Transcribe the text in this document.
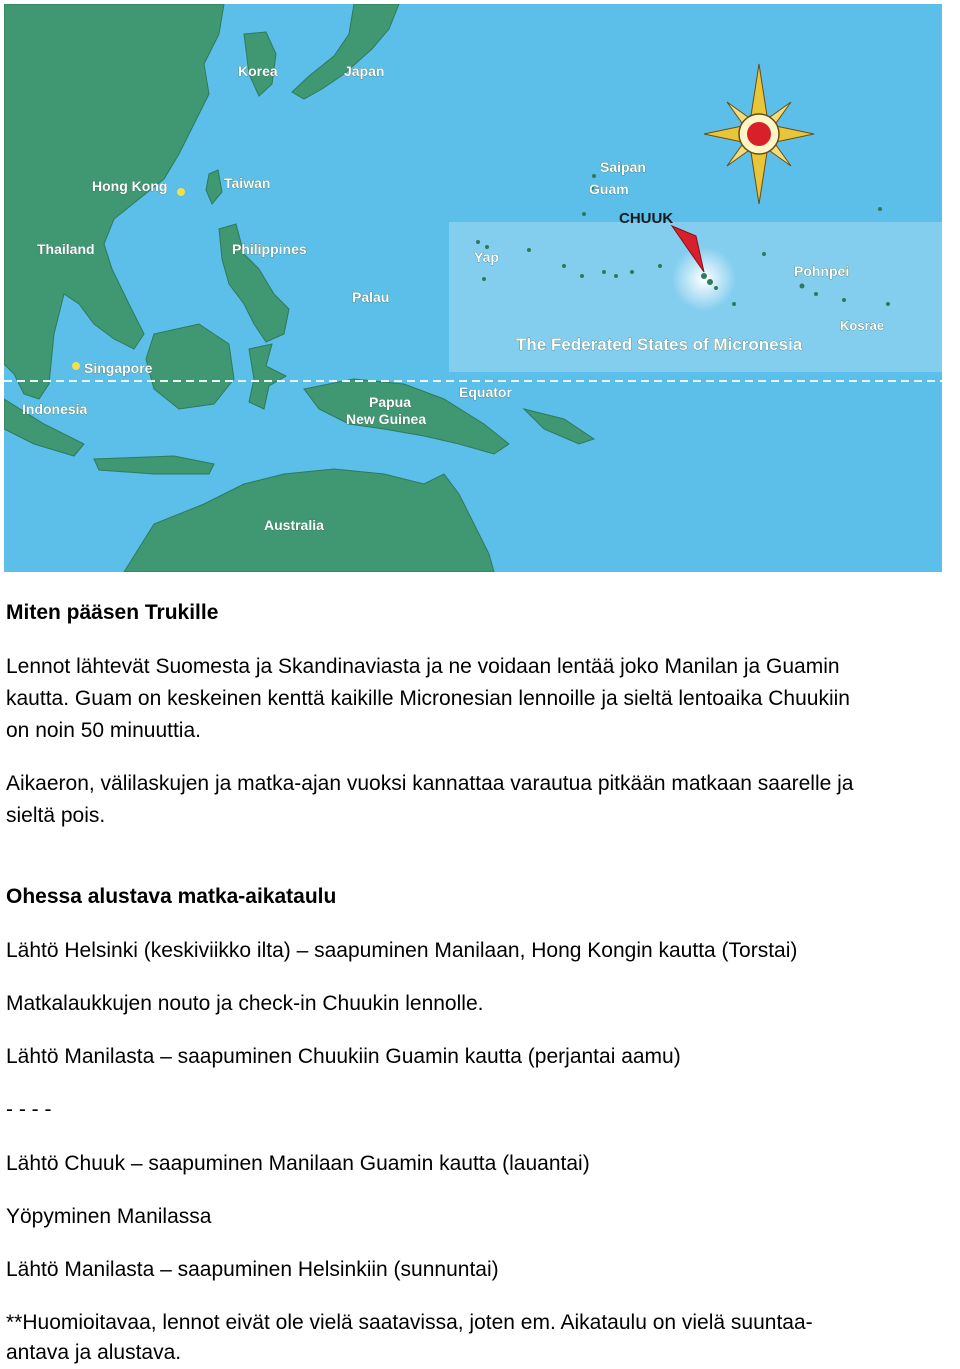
Korea	Japan
Hong Kong	Taiwan
Thailand	Philippines
Palau
Singapore
Indonesia	Papua
New Guinea
Equator
Australia
Saipan
Guam
CHUUK
Yap
Pohnpei
Kosrae
The Federated States of Micronesia
Miten pääsen Trukille
Lennot lähtevät Suomesta ja Skandinaviasta ja ne voidaan lentää joko Manilan ja Guamin
kautta. Guam on keskeinen kenttä kaikille Micronesian lennoille ja sieltä lentoaika Chuukiin
on noin 50 minuuttia.
Aikaeron, välilaskujen ja matka-ajan vuoksi kannattaa varautua pitkään matkaan saarelle ja
sieltä pois.
Ohessa alustava matka-aikataulu
Lähtö Helsinki (keskiviikko ilta) – saapuminen Manilaan, Hong Kongin kautta (Torstai)
Matkalaukkujen nouto ja check-in Chuukin lennolle.
Lähtö Manilasta – saapuminen Chuukiin Guamin kautta (perjantai aamu)
- - - -
Lähtö Chuuk – saapuminen Manilaan Guamin kautta (lauantai)
Yöpyminen Manilassa
Lähtö Manilasta – saapuminen Helsinkiin (sunnuntai)
**Huomioitavaa, lennot eivät ole vielä saatavissa, joten em. Aikataulu on vielä suuntaa-
antava ja alustava.
